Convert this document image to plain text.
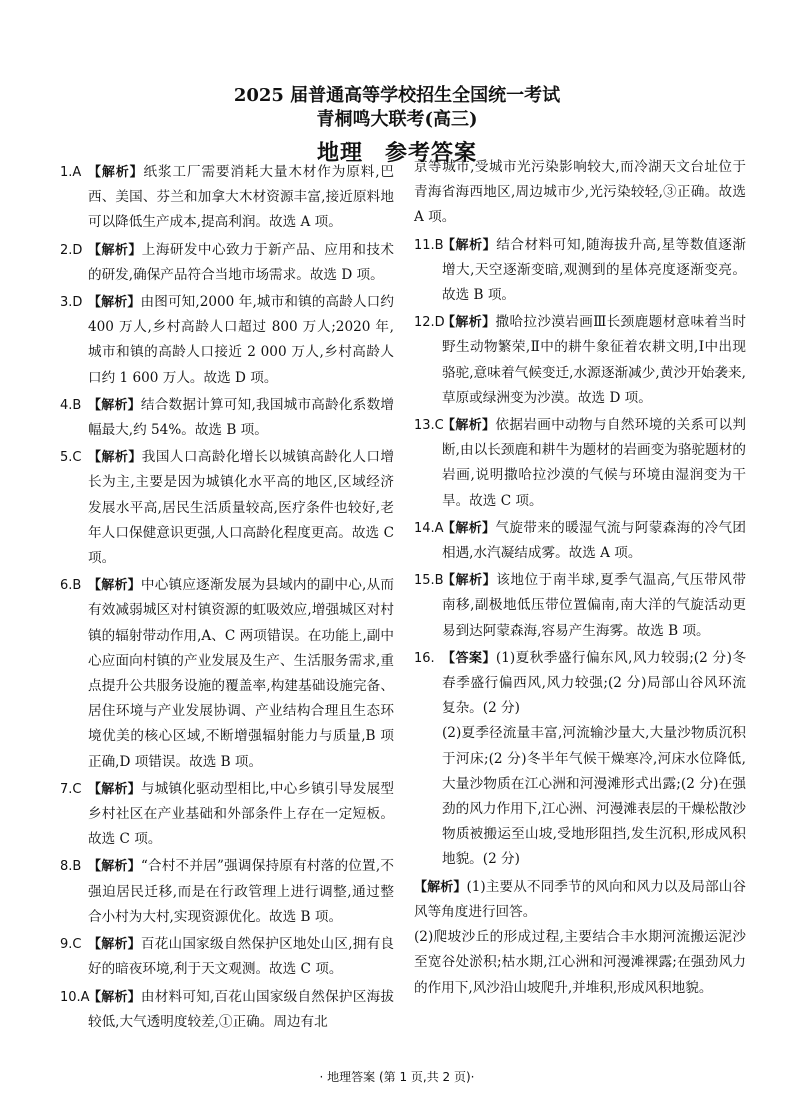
2025 届普通高等学校招生全国统一考试
青桐鸣大联考(高三)
地理 参考答案
1.A 【解析】纸浆工厂需要消耗大量木材作为原料,巴西、美国、芬兰和加拿大木材资源丰富,接近原料地可以降低生产成本,提高利润。故选 A 项。
2.D 【解析】上海研发中心致力于新产品、应用和技术的研发,确保产品符合当地市场需求。故选 D 项。
3.D 【解析】由图可知,2000 年,城市和镇的高龄人口约 400 万人,乡村高龄人口超过 800 万人;2020 年,城市和镇的高龄人口接近 2 000 万人,乡村高龄人口约 1 600 万人。故选 D 项。
4.B 【解析】结合数据计算可知,我国城市高龄化系数增幅最大,约 54%。故选 B 项。
5.C 【解析】我国人口高龄化增长以城镇高龄化人口增长为主,主要是因为城镇化水平高的地区,区域经济发展水平高,居民生活质量较高,医疗条件也较好,老年人口保健意识更强,人口高龄化程度更高。故选 C 项。
6.B 【解析】中心镇应逐渐发展为县域内的副中心,从而有效减弱城区对村镇资源的虹吸效应,增强城区对村镇的辐射带动作用,A、C 两项错误。在功能上,副中心应面向村镇的产业发展及生产、生活服务需求,重点提升公共服务设施的覆盖率,构建基础设施完备、居住环境与产业发展协调、产业结构合理且生态环境优美的核心区域,不断增强辐射能力与质量,B 项正确,D 项错误。故选 B 项。
7.C 【解析】与城镇化驱动型相比,中心乡镇引导发展型乡村社区在产业基础和外部条件上存在一定短板。故选 C 项。
8.B 【解析】“合村不并居”强调保持原有村落的位置,不强迫居民迁移,而是在行政管理上进行调整,通过整合小村为大村,实现资源优化。故选 B 项。
9.C 【解析】百花山国家级自然保护区地处山区,拥有良好的暗夜环境,利于天文观测。故选 C 项。
10.A
【解析】由材料可知,百花山国家级自然保护区海拔较低,大气透明度较差,①正确。周边有北
京等城市,受城市光污染影响较大,而冷湖天文台址位于青海省海西地区,周边城市少,光污染较轻,③正确。故选 A 项。
11.B
【解析】结合材料可知,随海拔升高,星等数值逐渐增大,天空逐渐变暗,观测到的星体亮度逐渐变亮。故选 B 项。
12.D
【解析】撒哈拉沙漠岩画Ⅲ长颈鹿题材意味着当时野生动物繁荣,Ⅱ中的耕牛象征着农耕文明,Ⅰ中出现骆驼,意味着气候变迁,水源逐渐减少,黄沙开始袭来,草原或绿洲变为沙漠。故选 D 项。
13.C
【解析】依据岩画中动物与自然环境的关系可以判断,由以长颈鹿和耕牛为题材的岩画变为骆驼题材的岩画,说明撒哈拉沙漠的气候与环境由湿润变为干旱。故选 C 项。
14.A
【解析】气旋带来的暖湿气流与阿蒙森海的冷气团相遇,水汽凝结成雾。故选 A 项。
15.B
【解析】该地位于南半球,夏季气温高,气压带风带南移,副极地低压带位置偏南,南大洋的气旋活动更易到达阿蒙森海,容易产生海雾。故选 B 项。
16. 【答案】(1)夏秋季盛行偏东风,风力较弱;(2 分)冬春季盛行偏西风,风力较强;(2 分)局部山谷风环流复杂。(2 分)
(2)夏季径流量丰富,河流输沙量大,大量沙物质沉积于河床;(2 分)冬半年气候干燥寒冷,河床水位降低,大量沙物质在江心洲和河漫滩形式出露;(2 分)在强劲的风力作用下,江心洲、河漫滩表层的干燥松散沙物质被搬运至山坡,受地形阻挡,发生沉积,形成风积地貌。(2 分)
【解析】(1)主要从不同季节的风向和风力以及局部山谷风等角度进行回答。
(2)爬坡沙丘的形成过程,主要结合丰水期河流搬运泥沙至宽谷处淤积;枯水期,江心洲和河漫滩裸露;在强劲风力的作用下,风沙沿山坡爬升,并堆积,形成风积地貌。
· 地理答案 (第 1 页,共 2 页)·
